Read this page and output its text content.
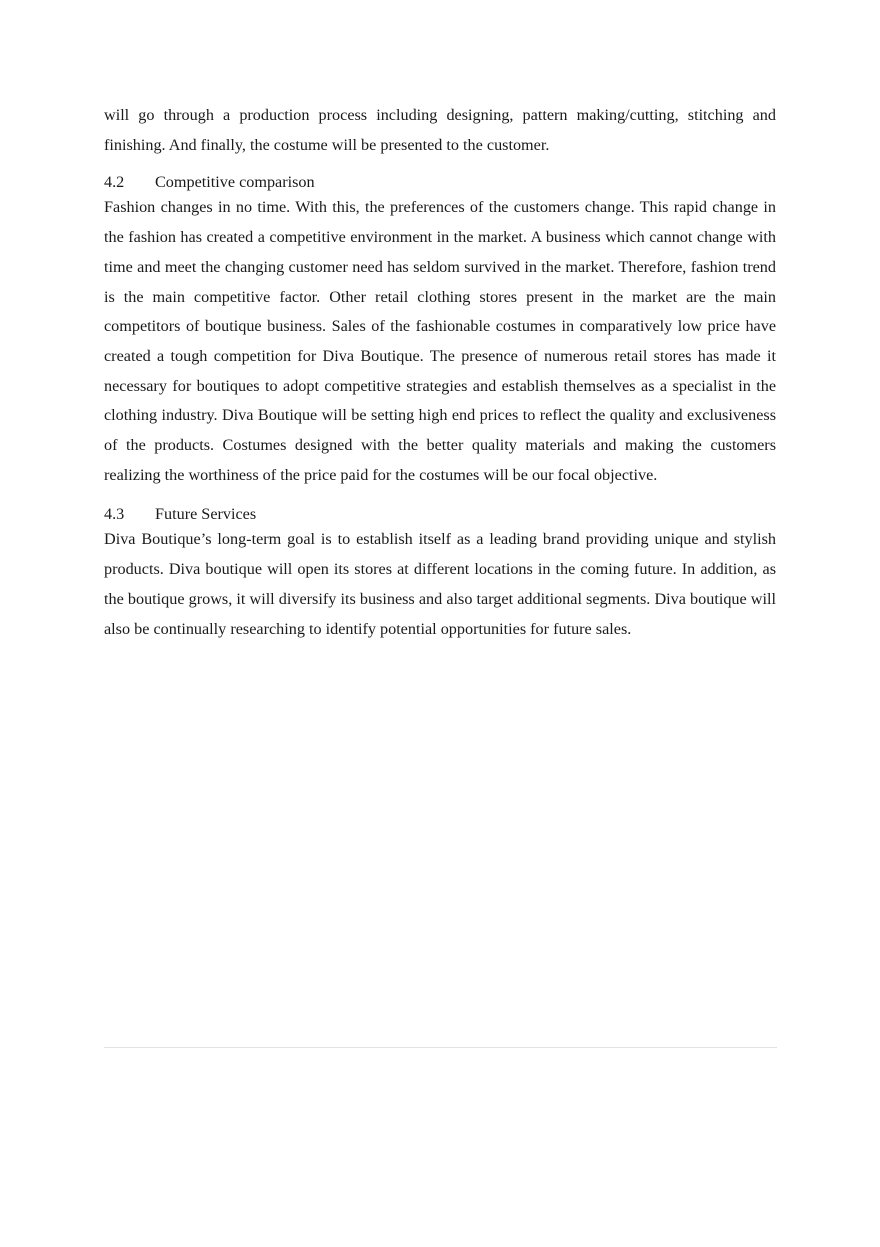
will go through a production process including designing, pattern making/cutting, stitching and finishing. And finally, the costume will be presented to the customer.

4.2	Competitive comparison

Fashion changes in no time. With this, the preferences of the customers change. This rapid change in the fashion has created a competitive environment in the market. A business which cannot change with time and meet the changing customer need has seldom survived in the market. Therefore, fashion trend is the main competitive factor. Other retail clothing stores present in the market are the main competitors of boutique business. Sales of the fashionable costumes in comparatively low price have created a tough competition for Diva Boutique. The presence of numerous retail stores has made it necessary for boutiques to adopt competitive strategies and establish themselves as a specialist in the clothing industry. Diva Boutique will be setting high end prices to reflect the quality and exclusiveness of the products. Costumes designed with the better quality materials and making the customers realizing the worthiness of the price paid for the costumes will be our focal objective.

4.3	Future Services

Diva Boutique’s long-term goal is to establish itself as a leading brand providing unique and stylish products. Diva boutique will open its stores at different locations in the coming future. In addition, as the boutique grows, it will diversify its business and also target additional segments. Diva boutique will also be continually researching to identify potential opportunities for future sales.
